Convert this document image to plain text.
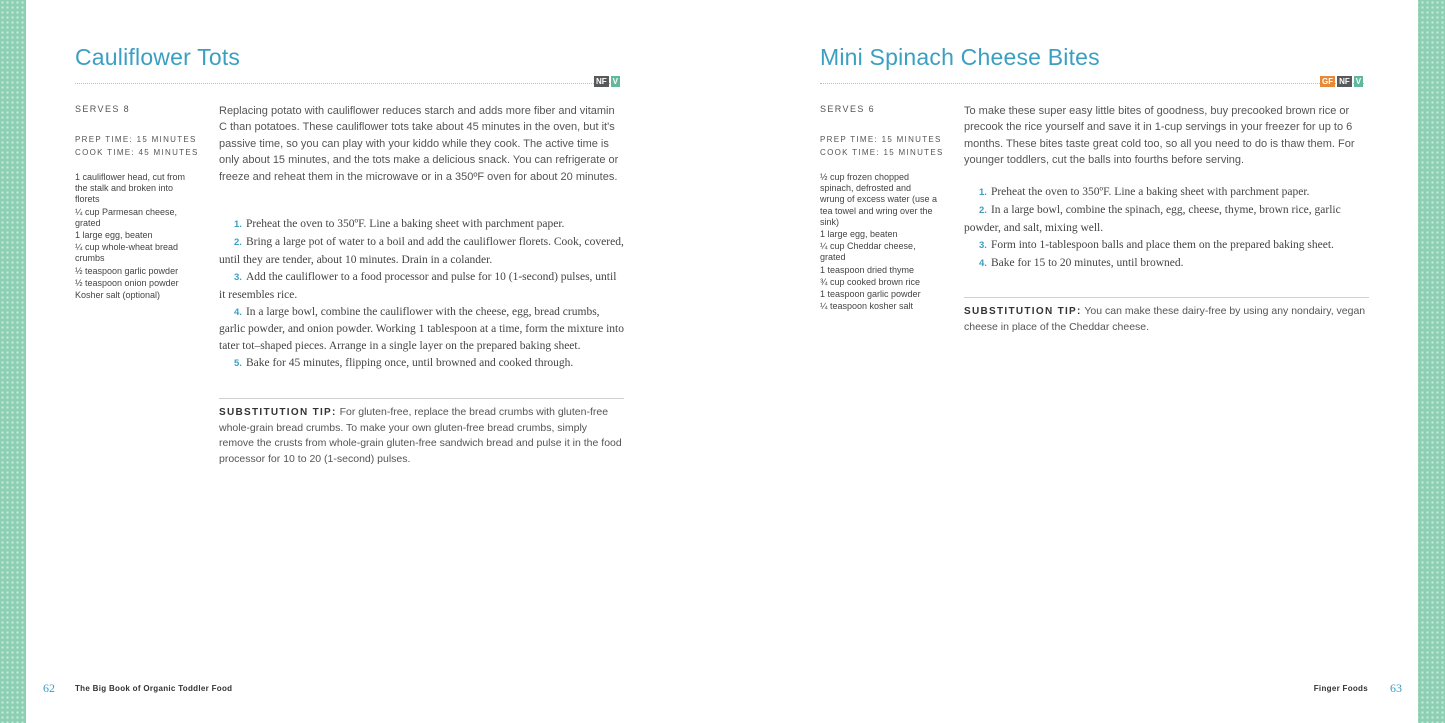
Cauliflower Tots
NF V
SERVES 8
PREP TIME: 15 MINUTES
COOK TIME: 45 MINUTES
1 cauliflower head, cut from the stalk and broken into florets
¼ cup Parmesan cheese, grated
1 large egg, beaten
¼ cup whole-wheat bread crumbs
½ teaspoon garlic powder
½ teaspoon onion powder
Kosher salt (optional)

Replacing potato with cauliflower reduces starch and adds more fiber and vitamin C than potatoes. These cauliflower tots take about 45 minutes in the oven, but it's passive time, so you can play with your kiddo while they cook. The active time is only about 15 minutes, and the tots make a delicious snack. You can refrigerate or freeze and reheat them in the microwave or in a 350ºF oven for about 20 minutes.

1. Preheat the oven to 350ºF. Line a baking sheet with parchment paper.
2. Bring a large pot of water to a boil and add the cauliflower florets. Cook, covered, until they are tender, about 10 minutes. Drain in a colander.
3. Add the cauliflower to a food processor and pulse for 10 (1-second) pulses, until it resembles rice.
4. In a large bowl, combine the cauliflower with the cheese, egg, bread crumbs, garlic powder, and onion powder. Working 1 tablespoon at a time, form the mixture into tater tot–shaped pieces. Arrange in a single layer on the prepared baking sheet.
5. Bake for 45 minutes, flipping once, until browned and cooked through.
SUBSTITUTION TIP: For gluten-free, replace the bread crumbs with gluten-free whole-grain bread crumbs. To make your own gluten-free bread crumbs, simply remove the crusts from whole-grain gluten-free sandwich bread and pulse it in the food processor for 10 to 20 (1-second) pulses.
62	The Big Book of Organic Toddler Food
Mini Spinach Cheese Bites
GF NF V
SERVES 6
PREP TIME: 15 MINUTES
COOK TIME: 15 MINUTES
½ cup frozen chopped spinach, defrosted and wrung of excess water (use a tea towel and wring over the sink)
1 large egg, beaten
¼ cup Cheddar cheese, grated
1 teaspoon dried thyme
¾ cup cooked brown rice
1 teaspoon garlic powder
¼ teaspoon kosher salt

To make these super easy little bites of goodness, buy precooked brown rice or precook the rice yourself and save it in 1-cup servings in your freezer for up to 6 months. These bites taste great cold too, so all you need to do is thaw them. For younger toddlers, cut the balls into fourths before serving.

1. Preheat the oven to 350ºF. Line a baking sheet with parchment paper.
2. In a large bowl, combine the spinach, egg, cheese, thyme, brown rice, garlic powder, and salt, mixing well.
3. Form into 1-tablespoon balls and place them on the prepared baking sheet.
4. Bake for 15 to 20 minutes, until browned.
SUBSTITUTION TIP: You can make these dairy-free by using any nondairy, vegan cheese in place of the Cheddar cheese.
Finger Foods 63
